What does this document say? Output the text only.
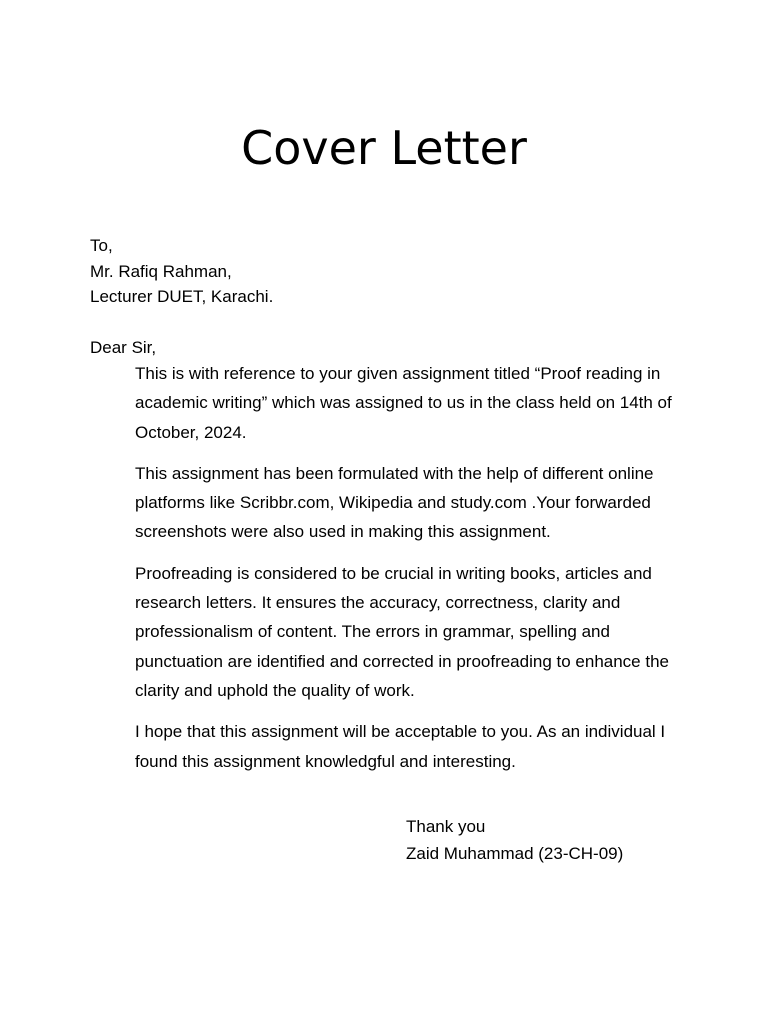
Cover Letter
To,
Mr. Rafiq Rahman,
Lecturer DUET, Karachi.
Dear Sir,

This is with reference to your given assignment titled “Proof reading in academic writing” which was assigned to us in the class held on 14th of October, 2024.

This assignment has been formulated with the help of different online platforms like Scribbr.com, Wikipedia and study.com .Your forwarded screenshots were also used in making this assignment.

Proofreading is considered to be crucial in writing books, articles and research letters. It ensures the accuracy, correctness, clarity and professionalism of content. The errors in grammar, spelling and punctuation are identified and corrected in proofreading to enhance the clarity and uphold the quality of work.

I hope that this assignment will be acceptable to you. As an individual I found this assignment knowledgful and interesting.

Thank you
Zaid Muhammad (23-CH-09)
